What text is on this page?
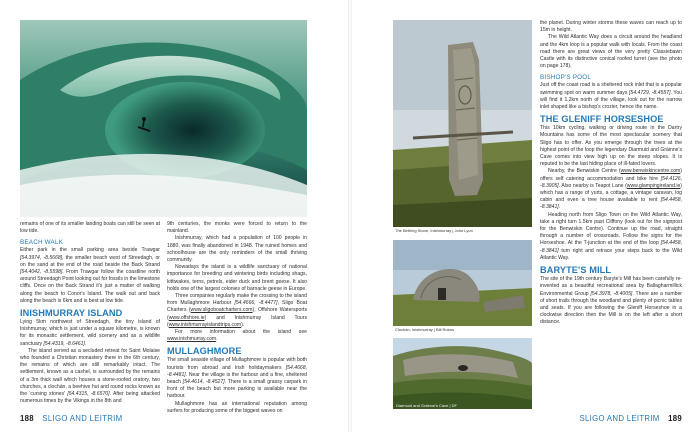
Big wave surfing, Mullaghmore | Noo McGowden

remains of one of its smaller landing boats can still be seen at low tide.

BEACH WALK

Either park in the small parking area beside Trawgar [54.3974, -8.5668], the smaller beach west of Streedagh, or on the sand at the end of the road beside the Back Strand [54.4042, -8.5598]. From Trawgar follow the coastline north around Streedagh Point looking out for fossils in the limestone cliffs. Once on the Back Strand it's just a matter of walking along the beach to Conor's Island. The walk out and back along the beach is 6km and is best at low tide.

INISHMURRAY ISLAND

Lying 5km northwest of Streedagh, the tiny island of Inishmurray, which is just under a square kilometre, is known for its monastic settlement, wild scenery and as a wildlife sanctuary [54.4319, -8.6461].

The island served as a secluded retreat for Saint Molaise who founded a Christian monastery there in the 6th century, the remains of which are still remarkably intact. The settlement, known as a cashel, is surrounded by the remains of a 3m thick wall which houses a stone-roofed oratory, two churches, a clochán, a beehive hut and round rocks known as the 'cursing stones' [54.4315, -8.6570]. After being attacked numerous times by the Vikings in the 8th and

9th centuries, the monks were forced to return to the mainland.

Inishmurray, which had a population of 100 people in 1880, was finally abandoned in 1948. The ruined homes and schoolhouse are the only reminders of the small thriving community.

Nowadays the island is a wildlife sanctuary of national importance for breeding and wintering birds including shags, kittiwakes, terns, petrels, eider duck and brent geese. It also holds one of the largest colonies of barnacle geese in Europe.

Three companies regularly make the crossing to the island from Mullaghmore Harbour [54.4666, -8.4477], Sligo Boat Charters (www.sligoboatcharters.com), Offshore Watersports (www.offshore.ie) and Inishmurray Island Tours (www.inishmurrayislandtrips.com).

For more information about the island see www.inishmurray.com.

MULLAGHMORE

The small seaside village of Mullaghmore is popular with both tourists from abroad and Irish holidaymakers [54.4668, -8.4481]. Near the village is the harbour and a fine, sheltered beach [54.4614, -8.4527]. There is a small grassy carpark in front of the beach but more parking is available near the harbour.

Mullaghmore has an international reputation among surfers for producing some of the biggest waves on

188 SLIGO AND LEITRIM
The Birthing Stone, Inishmurray | John Lyon
Clochán, Inishmurray | Bill Robus
Diarmuid and Gráinne's Cave | DF

the planet. During winter storms these waves can reach up to 15m in height.

The Wild Atlantic Way does a circuit around the headland and the 4km loop is a popular walk with locals. From the coast road there are great views of the very pretty Classiebawn Castle with its distinctive conical roofed turret (see the photo on page 178).

BISHOP'S POOL

Just off the coast road is a sheltered rock inlet that is a popular swimming spot on warm summer days [54.4729, -8.4557]. You will find it 1.2km north of the village, look out for the narrow inlet shaped like a bishop's crozier, hence the name.

THE GLENIFF HORSESHOE

This 10km cycling, walking or driving route in the Dartry Mountains has some of the most spectacular scenery that Sligo has to offer. As you emerge through the trees at the highest point of the loop the legendary Diarmuid and Gráinne's Cave comes into view high up on the steep slopes. It is reputed to be the last hiding place of ill-fated lovers.

Nearby, the Benwiskin Centre (www.benwiskincentre.com) offers self catering accommodation and bike hire [54.4126, -8.3905]. Also nearby is Teapot Lane (www.glampingireland.ie) which has a range of yurts, a cottage, a vintage caravan, log cabin and even a tree house available to rent [54.4458, -8.3841].

Heading north from Sligo Town on the Wild Atlantic Way, take a right turn 1.5km past Cliffony (look out for the signpost for the Benwiskin Centre). Continue up the road, straight through a number of crossroads. Follow the signs for the Horseshoe. At the T-junction at the end of the loop [54.4458, -8.3841] turn right and retrace your steps back to the Wild Atlantic Way.

BARYTE'S MILL

The site of the 19th century Baryte's Mill has been carefully re-invented as a beautiful recreational area by Ballagharmillick Environmental Group [54.3978, -8.4005]. There are a number of short trails through the woodland and plenty of picnic tables and seats. If you are following the Gleniff Horseshoe in a clockwise direction then the Mill is on the left after a short distance.

SLIGO AND LEITRIM 189
